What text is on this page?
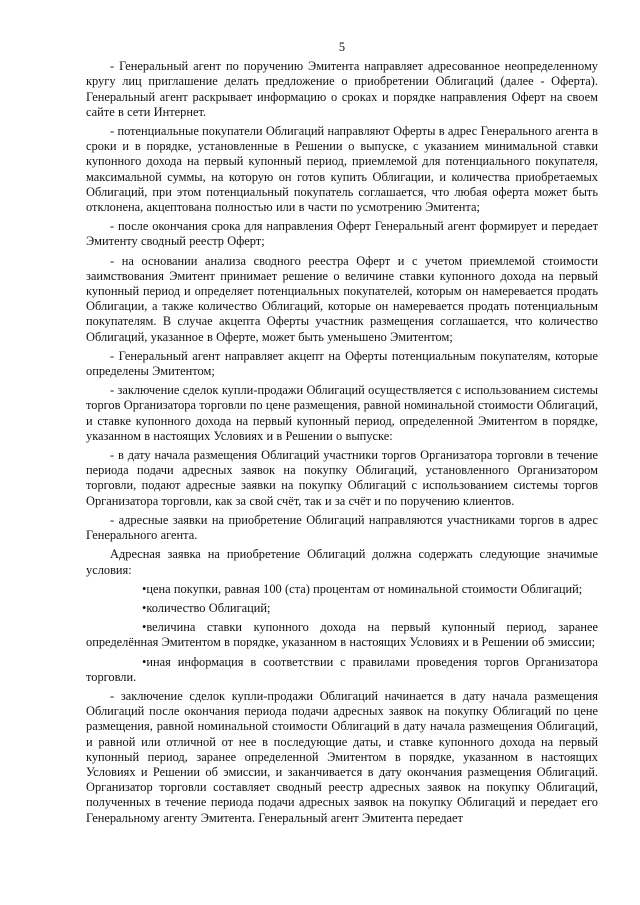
5

- Генеральный агент по поручению Эмитента направляет адресованное неопределенному кругу лиц приглашение делать предложение о приобретении Облигаций (далее - Оферта). Генеральный агент раскрывает информацию о сроках и порядке направления Оферт на своем сайте в сети Интернет.

- потенциальные покупатели Облигаций направляют Оферты в адрес Генерального агента в сроки и в порядке, установленные в Решении о выпуске, с указанием минимальной ставки купонного дохода на первый купонный период, приемлемой для потенциального покупателя, максимальной суммы, на которую он готов купить Облигации, и количества приобретаемых Облигаций, при этом потенциальный покупатель соглашается, что любая оферта может быть отклонена, акцептована полностью или в части по усмотрению Эмитента;

- после окончания срока для направления Оферт Генеральный агент формирует и передает Эмитенту сводный реестр Оферт;

- на основании анализа сводного реестра Оферт и с учетом приемлемой стоимости заимствования Эмитент принимает решение о величине ставки купонного дохода на первый купонный период и определяет потенциальных покупателей, которым он намеревается продать Облигации, а также количество Облигаций, которые он намеревается продать потенциальным покупателям. В случае акцепта Оферты участник размещения соглашается, что количество Облигаций, указанное в Оферте, может быть уменьшено Эмитентом;

- Генеральный агент направляет акцепт на Оферты потенциальным покупателям, которые определены Эмитентом;

- заключение сделок купли-продажи Облигаций осуществляется с использованием системы торгов Организатора торговли по цене размещения, равной номинальной стоимости Облигаций, и ставке купонного дохода на первый купонный период, определенной Эмитентом в порядке, указанном в настоящих Условиях и в Решении о выпуске:

- в дату начала размещения Облигаций участники торгов Организатора торговли в течение периода подачи адресных заявок на покупку Облигаций, установленного Организатором торговли, подают адресные заявки на покупку Облигаций с использованием системы торгов Организатора торговли, как за свой счёт, так и за счёт и по поручению клиентов.

- адресные заявки на приобретение Облигаций направляются участниками торгов в адрес Генерального агента.

Адресная заявка на приобретение Облигаций должна содержать следующие значимые условия:

•цена покупки, равная 100 (ста) процентам от номинальной стоимости Облигаций;

•количество Облигаций;

•величина ставки купонного дохода на первый купонный период, заранее определённая Эмитентом в порядке, указанном в настоящих Условиях и в Решении об эмиссии;

•иная информация в соответствии с правилами проведения торгов Организатора торговли.

- заключение сделок купли-продажи Облигаций начинается в дату начала размещения Облигаций после окончания периода подачи адресных заявок на покупку Облигаций по цене размещения, равной номинальной стоимости Облигаций в дату начала размещения Облигаций, и равной или отличной от нее в последующие даты, и ставке купонного дохода на первый купонный период, заранее определенной Эмитентом в порядке, указанном в настоящих Условиях и Решении об эмиссии, и заканчивается в дату окончания размещения Облигаций. Организатор торговли составляет сводный реестр адресных заявок на покупку Облигаций, полученных в течение периода подачи адресных заявок на покупку Облигаций и передает его Генеральному агенту Эмитента. Генеральный агент Эмитента передает
